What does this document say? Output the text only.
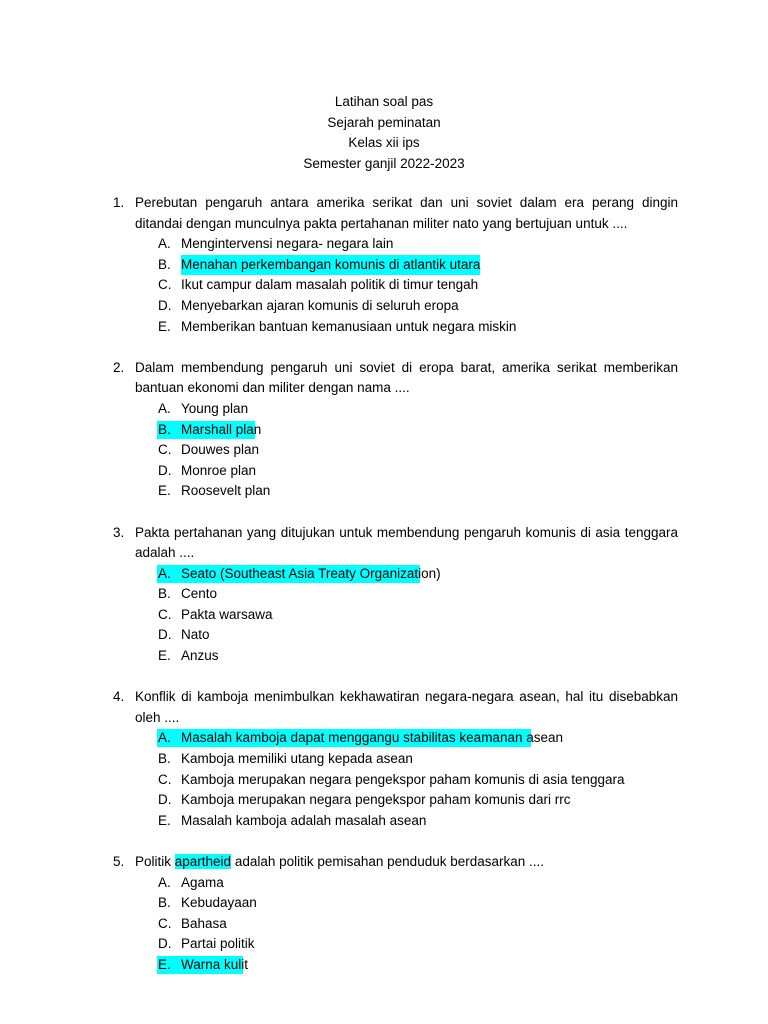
Latihan soal pas
Sejarah peminatan
Kelas xii ips
Semester ganjil 2022-2023
1. Perebutan pengaruh antara amerika serikat dan uni soviet dalam era perang dingin ditandai dengan munculnya pakta pertahanan militer nato yang bertujuan untuk ....
A. Mengintervensi negara- negara lain
B. Menahan perkembangan komunis di atlantik utara
C. Ikut campur dalam masalah politik di timur tengah
D. Menyebarkan ajaran komunis di seluruh eropa
E. Memberikan bantuan kemanusiaan untuk negara miskin
2. Dalam membendung pengaruh uni soviet di eropa barat, amerika serikat memberikan bantuan ekonomi dan militer dengan nama ....
A. Young plan
B. Marshall plan
C. Douwes plan
D. Monroe plan
E. Roosevelt plan
3. Pakta pertahanan yang ditujukan untuk membendung pengaruh komunis di asia tenggara adalah ....
A. Seato (Southeast Asia Treaty Organization)
B. Cento
C. Pakta warsawa
D. Nato
E. Anzus
4. Konflik di kamboja menimbulkan kekhawatiran negara-negara asean, hal itu disebabkan oleh ....
A. Masalah kamboja dapat menggangu stabilitas keamanan asean
B. Kamboja memiliki utang kepada asean
C. Kamboja merupakan negara pengekspor paham komunis di asia tenggara
D. Kamboja merupakan negara pengekspor paham komunis dari rrc
E. Masalah kamboja adalah masalah asean
5. Politik apartheid adalah politik pemisahan penduduk berdasarkan ....
A. Agama
B. Kebudayaan
C. Bahasa
D. Partai politik
E. Warna kulit
